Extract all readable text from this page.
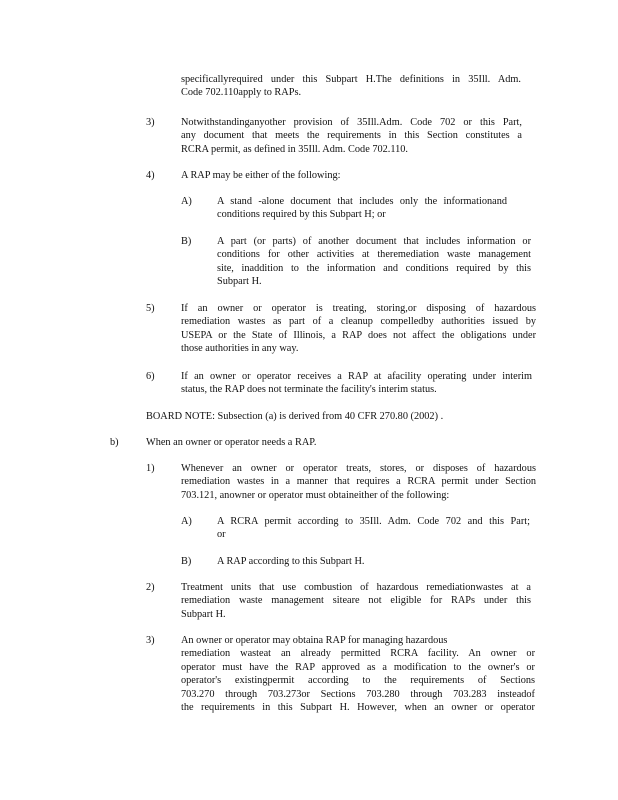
specificallyrequired under this Subpart H.The definitions in 35Ill. Adm.
Code 702.110apply to RAPs.
3)	Notwithstandinganyother provision of 35Ill.Adm. Code 702 or this Part,
any document that meets the requirements in this Section constitutes a
RCRA permit, as defined in 35Ill. Adm. Code 702.110.
4)	A RAP may be either of the following:
A) A stand -alone document that includes only the informationand
conditions required by this Subpart H; or
B) A part (or parts) of another document that includes information or
conditions for other activities at theremediation waste management
site, inaddition to the information and conditions required by this
Subpart H.
5)	If an owner or operator is treating, storing,or disposing of hazardous
remediation wastes as part of a cleanup compelledby authorities issued by
USEPA or the State of Illinois, a RAP does not affect the obligations under
those authorities in any way.
6)	If an owner or operator receives a RAP at afacility operating under interim
status, the RAP does not terminate the facility's interim status.
BOARD NOTE: Subsection (a) is derived from 40 CFR 270.80 (2002) .
b)	When an owner or operator needs a RAP.
1)	Whenever an owner or operator treats, stores, or disposes of hazardous
remediation wastes in a manner that requires a RCRA permit under Section
703.121, anowner or operator must obtaineither of the following:
A) A RCRA permit according to 35Ill. Adm. Code 702 and this Part;
or
B) A RAP according to this Subpart H.
2)	Treatment units that use combustion of hazardous remediationwastes at a
remediation waste management siteare not eligible for RAPs under this
Subpart H.
3)	An owner or operator may obtaina RAP for managing hazardous
remediation wasteat an already permitted RCRA facility. An owner or
operator must have the RAP approved as a modification to the owner's or
operator's existingpermit according to the requirements of Sections
703.270 through 703.273or Sections 703.280 through 703.283 insteadof
the requirements in this Subpart H. However, when an owner or operator
